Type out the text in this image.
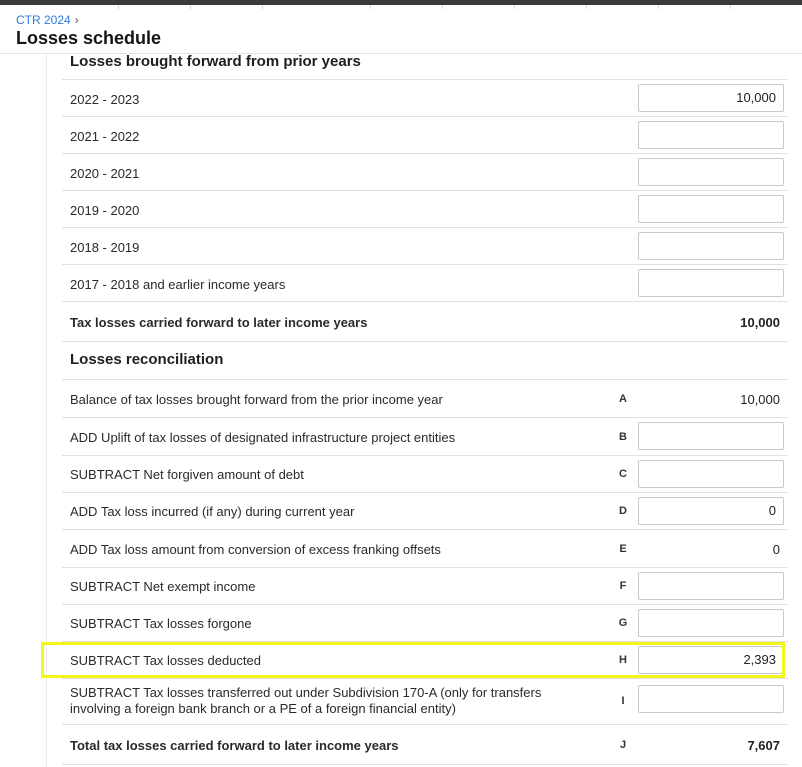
CTR 2024 ›
Losses schedule
Losses brought forward from prior years
2022 - 2023	10,000
2021 - 2022
2020 - 2021
2019 - 2020
2018 - 2019
2017 - 2018 and earlier income years
Tax losses carried forward to later income years	10,000
Losses reconciliation
Balance of tax losses brought forward from the prior income year	A	10,000
ADD Uplift of tax losses of designated infrastructure project entities	B
SUBTRACT Net forgiven amount of debt	C
ADD Tax loss incurred (if any) during current year	D	0
ADD Tax loss amount from conversion of excess franking offsets	E	0
SUBTRACT Net exempt income	F
SUBTRACT Tax losses forgone	G
SUBTRACT Tax losses deducted	H	2,393
SUBTRACT Tax losses transferred out under Subdivision 170-A (only for transfers
involving a foreign bank branch or a PE of a foreign financial entity)	I
Total tax losses carried forward to later income years	J	7,607
